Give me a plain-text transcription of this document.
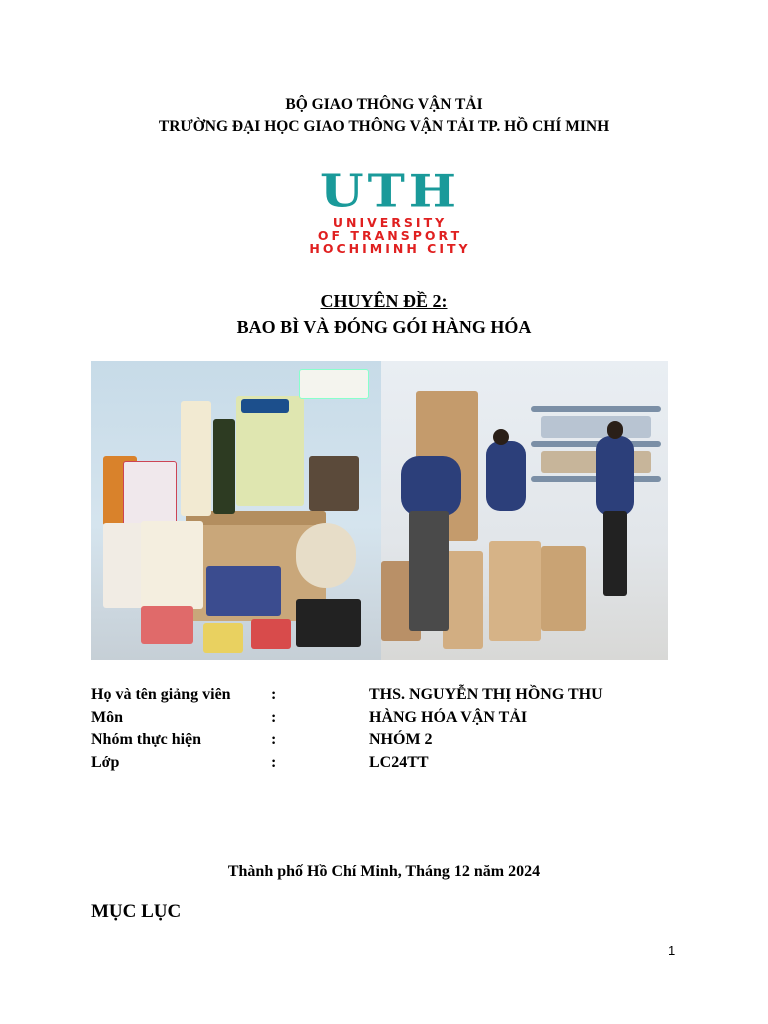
BỘ GIAO THÔNG VẬN TẢI
TRƯỜNG ĐẠI HỌC GIAO THÔNG VẬN TẢI TP. HỒ CHÍ MINH
UTH
UNIVERSITY
OF TRANSPORT
HOCHIMINH CITY
CHUYÊN ĐỀ 2:
BAO BÌ VÀ ĐÓNG GÓI HÀNG HÓA
Họ và tên giảng viên	:	THS. NGUYỄN THỊ HỒNG THU
Môn	:	HÀNG HÓA VẬN TẢI
Nhóm thực hiện	:	NHÓM 2
Lớp	:	LC24TT
Thành phố Hồ Chí Minh, Tháng 12 năm 2024
MỤC LỤC
1
